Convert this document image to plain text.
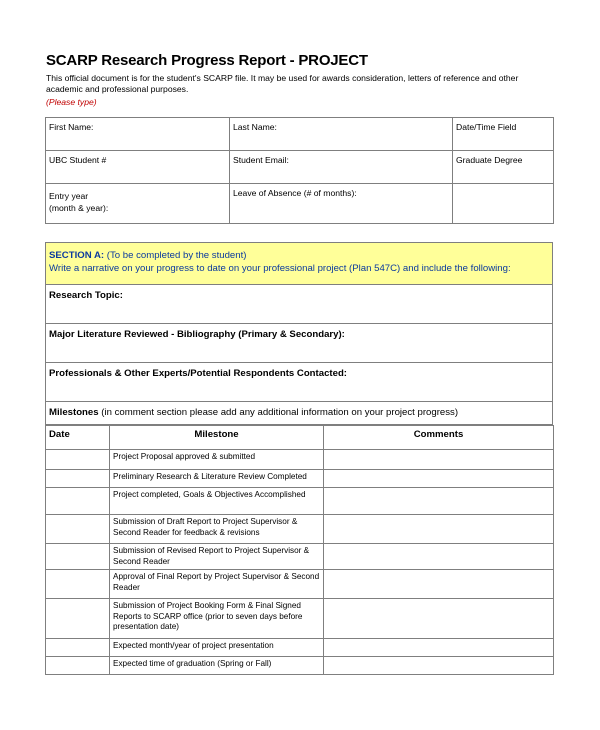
SCARP Research Progress Report - PROJECT
This official document is for the student's SCARP file. It may be used for awards consideration, letters of reference and other academic and professional purposes.
(Please type)
First Name:	Last Name:	Date/Time Field
UBC Student #	Student Email:	Graduate Degree

Entry year
(month & year):	Leave of Absence (# of months):	
SECTION A: (To be completed by the student)
Write a narrative on your progress to date on your professional project (Plan 547C) and include the following:
Research Topic:
Major Literature Reviewed - Bibliography (Primary & Secondary):
Professionals & Other Experts/Potential Respondents Contacted:
Milestones (in comment section please add any additional information on your project progress)
Date	Milestone	Comments
	Project Proposal approved & submitted	
	Preliminary Research & Literature Review Completed	
	Project completed, Goals & Objectives Accomplished	
	Submission of Draft Report to Project Supervisor & Second Reader for feedback & revisions	
	Submission of Revised Report to Project Supervisor & Second Reader	
	Approval of Final Report by Project Supervisor & Second Reader	
	Submission of Project Booking Form & Final Signed Reports to SCARP office (prior to seven days before presentation date)	
	Expected month/year of project presentation	
	Expected time of graduation (Spring or Fall)	
